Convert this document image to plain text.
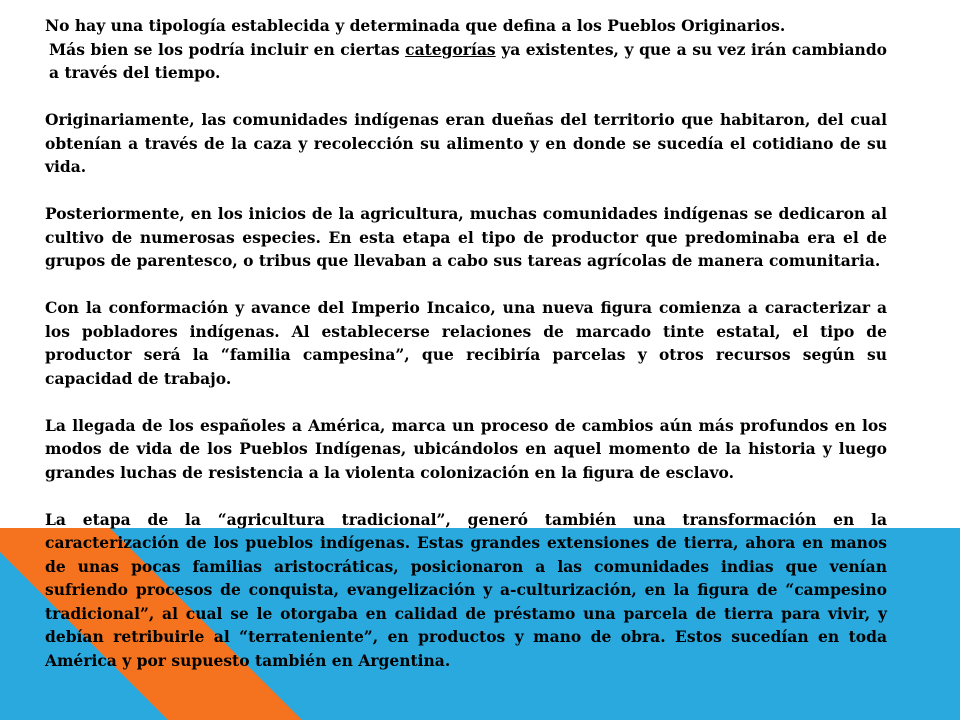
No hay una tipología establecida y determinada que defina a los Pueblos Originarios.

Más bien se los podría incluir en ciertas categorías ya existentes, y que a su vez irán cambiando a través del tiempo.

Originariamente, las comunidades indígenas eran dueñas del territorio que habitaron, del cual obtenían a través de la caza y recolección su alimento y en donde se sucedía el cotidiano de su vida.

Posteriormente, en los inicios de la agricultura, muchas comunidades indígenas se dedicaron al cultivo de numerosas especies. En esta etapa el tipo de productor que predominaba era el de grupos de parentesco, o tribus que llevaban a cabo sus tareas agrícolas de manera comunitaria.

Con la conformación y avance del Imperio Incaico, una nueva figura comienza a caracterizar a los pobladores indígenas. Al establecerse relaciones de marcado tinte estatal, el tipo de productor será la “familia campesina”, que recibiría parcelas y otros recursos según su capacidad de trabajo.

La llegada de los españoles a América, marca un proceso de cambios aún más profundos en los modos de vida de los Pueblos Indígenas, ubicándolos en aquel momento de la historia y luego grandes luchas de resistencia a la violenta colonización en la figura de esclavo.

La etapa de la “agricultura tradicional”, generó también una transformación en la caracterización de los pueblos indígenas. Estas grandes extensiones de tierra, ahora en manos de unas pocas familias aristocráticas, posicionaron a las comunidades indias que venían sufriendo procesos de conquista, evangelización y a-culturización, en la figura de “campesino tradicional”, al cual se le otorgaba en calidad de préstamo una parcela de tierra para vivir, y debían retribuirle al “terrateniente”, en productos y mano de obra. Estos sucedían en toda América y por supuesto también en Argentina.
